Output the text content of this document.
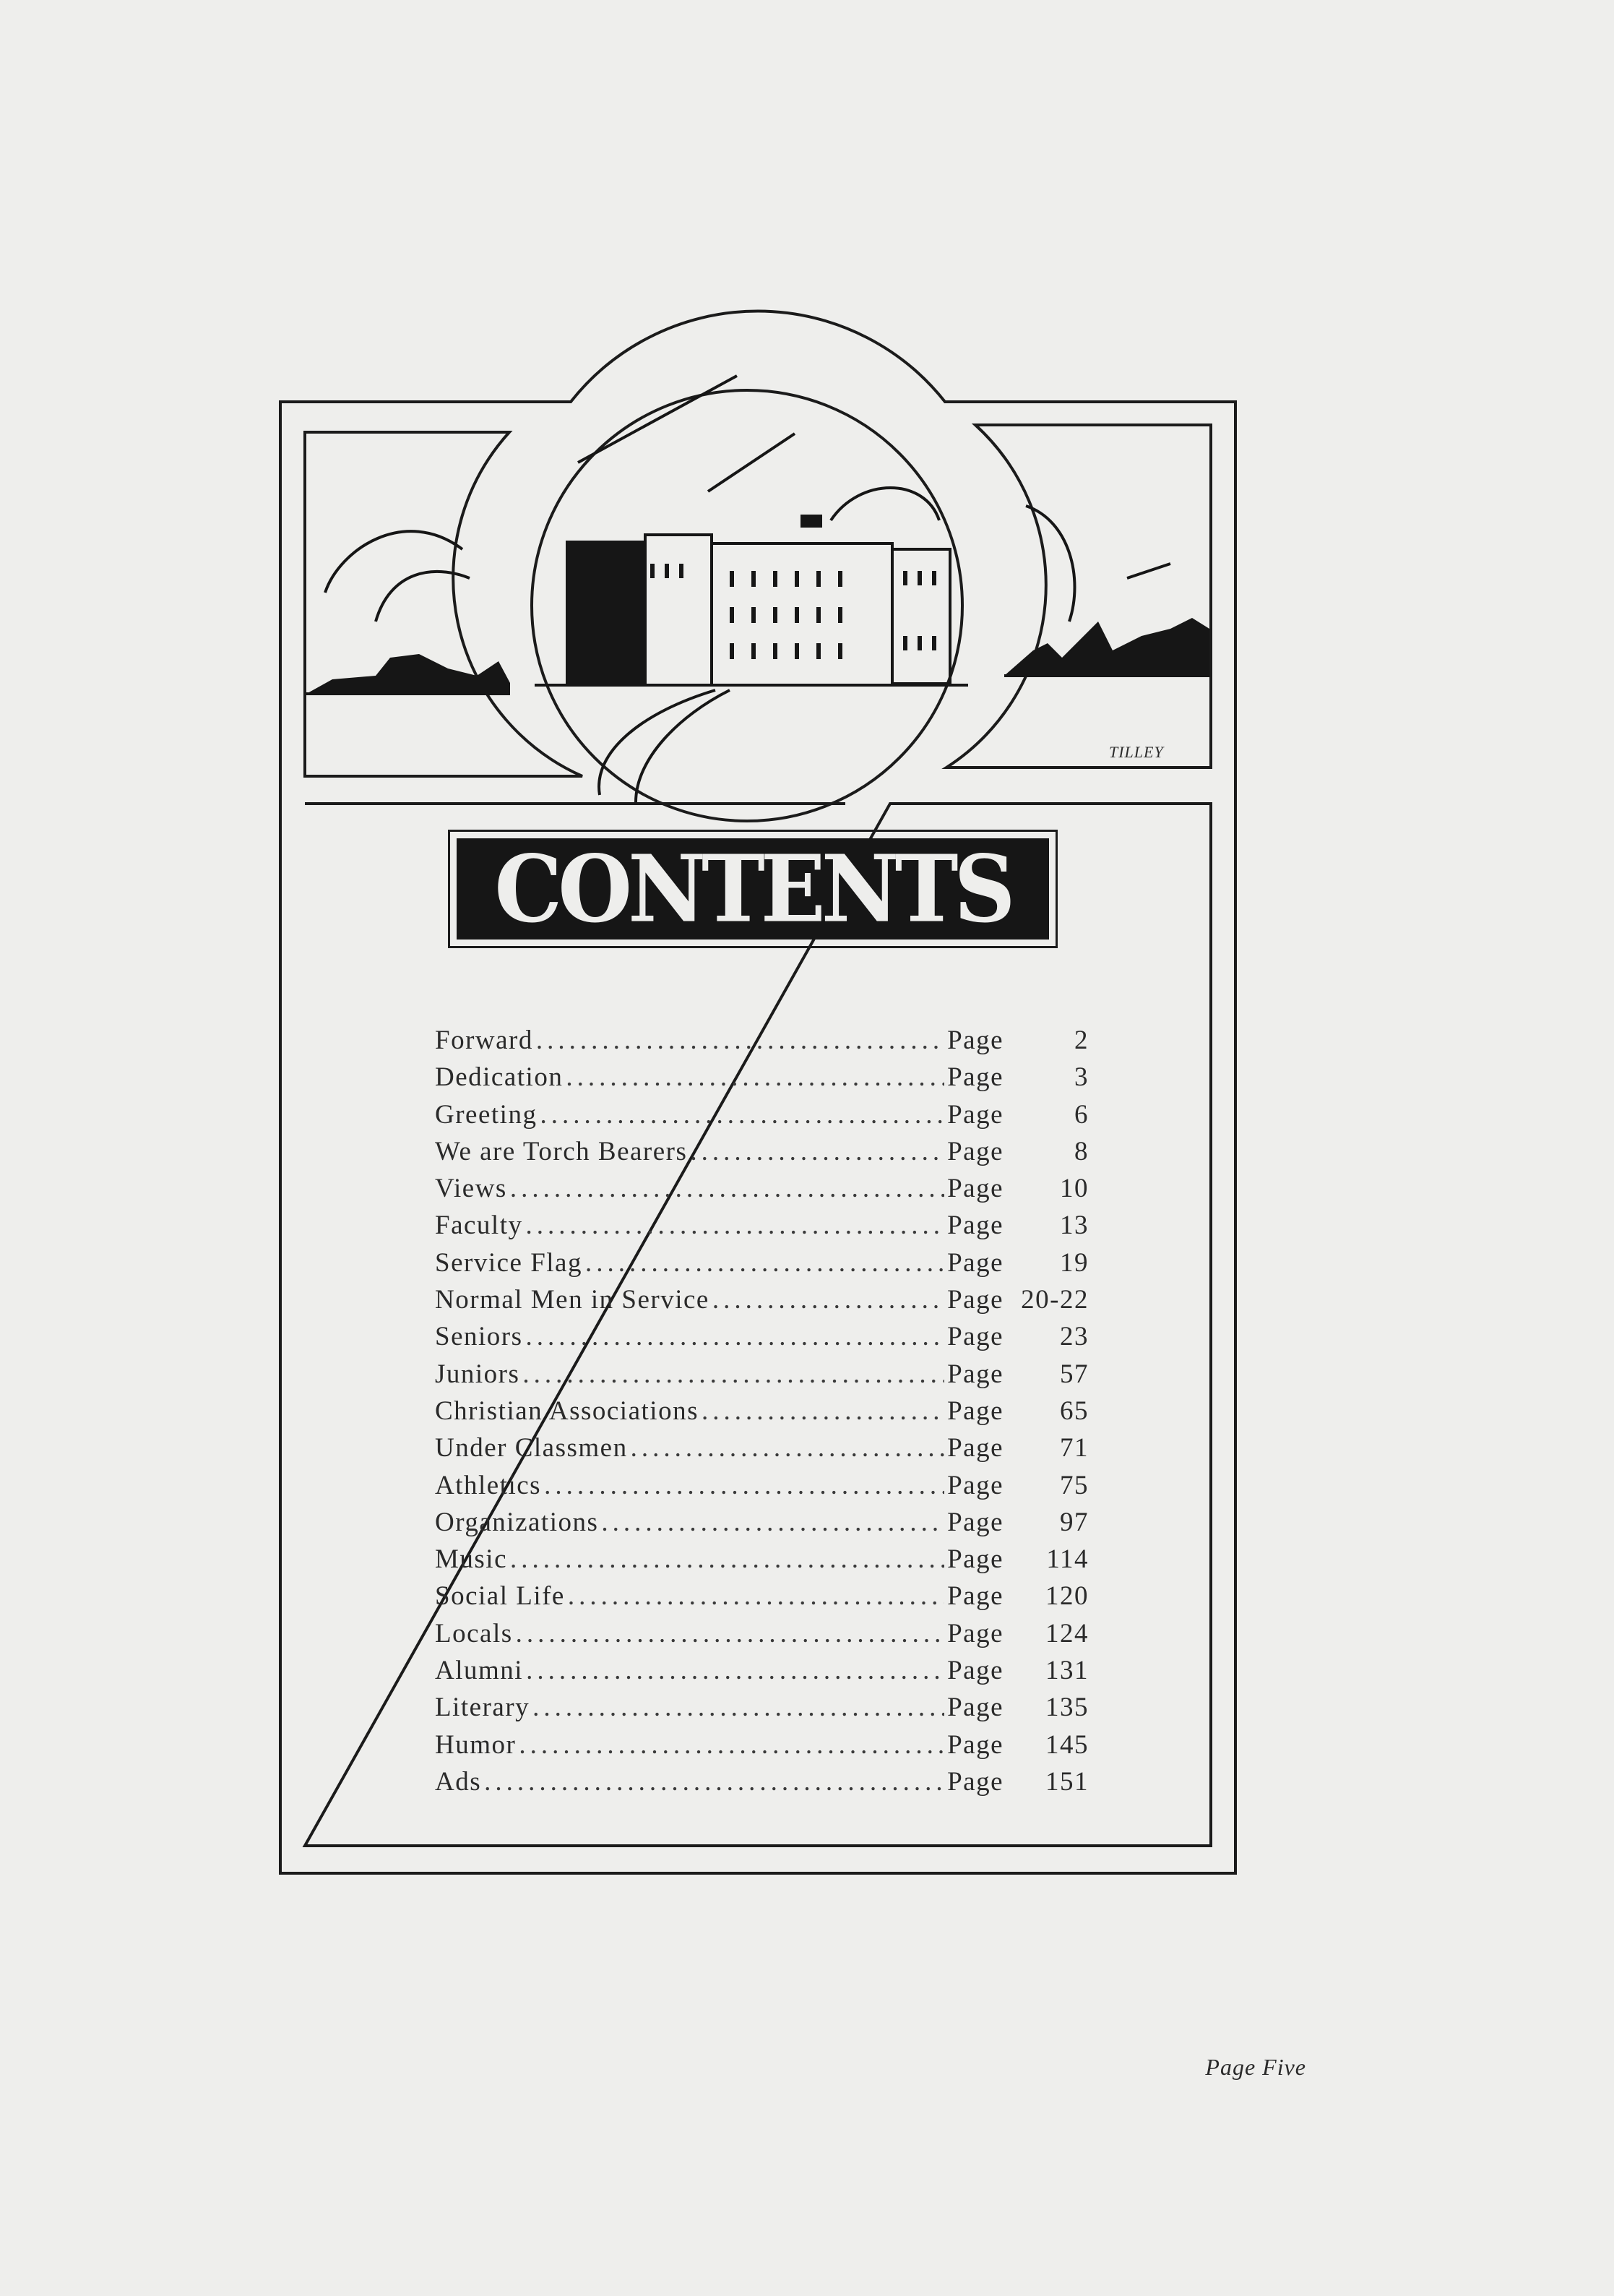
CONTENTS
TILLEY
Forward .....	Page	2
Dedication .....	Page	3
Greeting .....	Page	6
We are Torch Bearers .....	Page	8
Views .....	Page	10
Faculty .....	Page	13
Service Flag .....	Page	19
Normal Men in Service .....	Page 20-22
Seniors .....	Page	23
Juniors .....	Page	57
Christian Associations .....	Page	65
Under Classmen .....	Page	71
Athletics .....	Page	75
Organizations .....	Page	97
Music .....	Page	114
Social Life .....	Page	120
Locals .....	Page	124
Alumni .....	Page	131
Literary .....	Page	135
Humor .....	Page	145
Ads .....	Page	151
Page Five
